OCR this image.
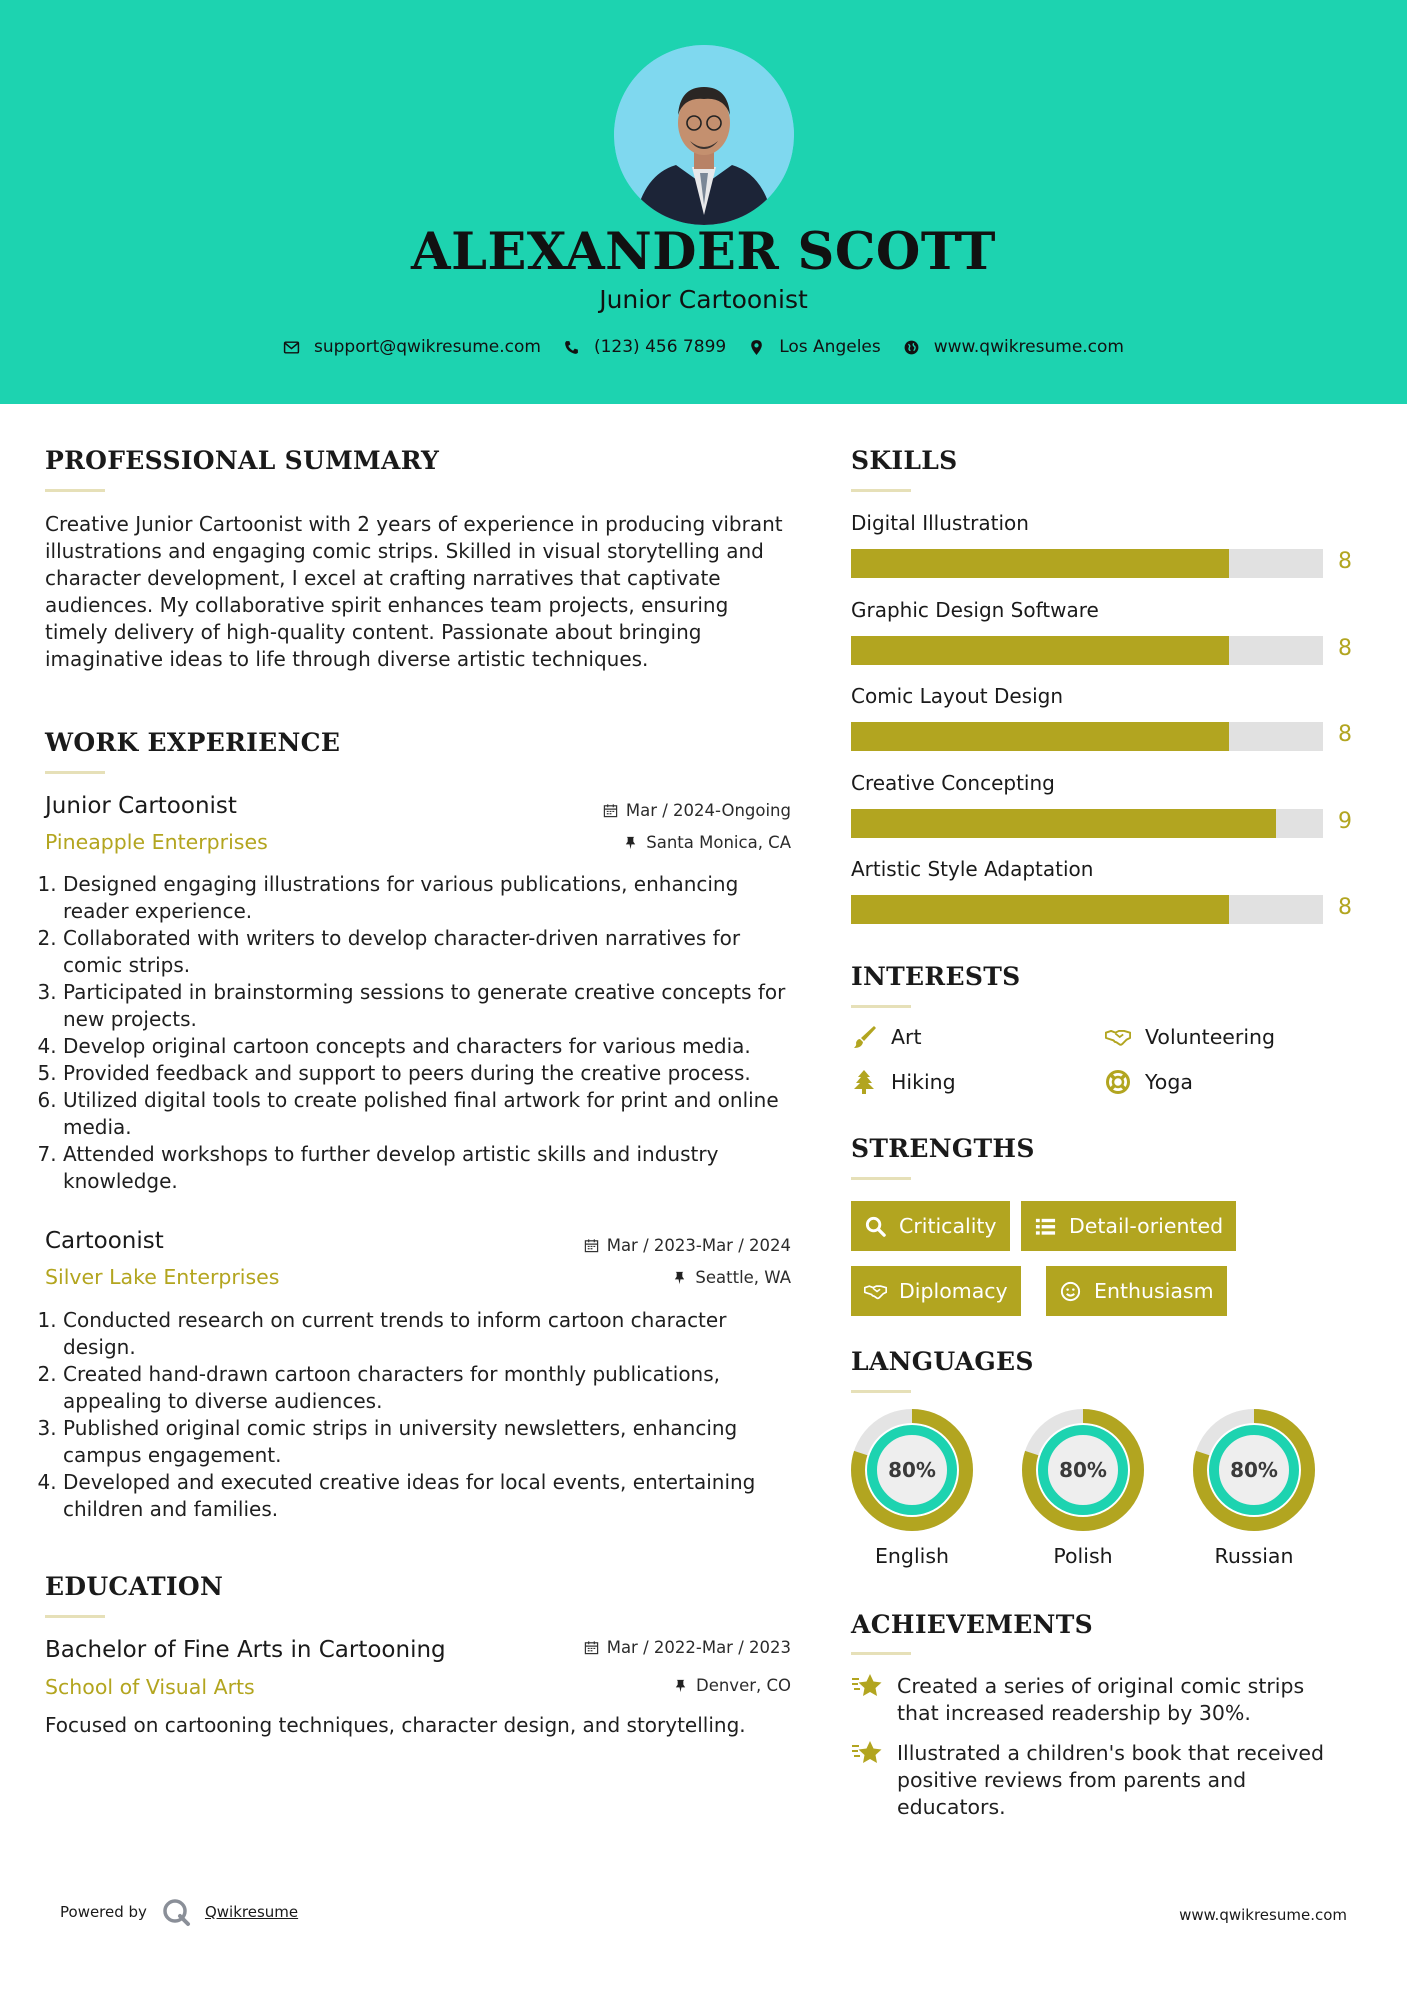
ALEXANDER SCOTT
Junior Cartoonist
support@qwikresume.com	(123) 456 7899	Los Angeles	www.qwikresume.com
PROFESSIONAL SUMMARY
Creative Junior Cartoonist with 2 years of experience in producing vibrant illustrations and engaging comic strips. Skilled in visual storytelling and character development, I excel at crafting narratives that captivate audiences. My collaborative spirit enhances team projects, ensuring timely delivery of high-quality content. Passionate about bringing imaginative ideas to life through diverse artistic techniques.
WORK EXPERIENCE
Junior Cartoonist
Pineapple Enterprises
Mar / 2024-Ongoing
Santa Monica, CA
1. Designed engaging illustrations for various publications, enhancing reader experience.
2. Collaborated with writers to develop character-driven narratives for comic strips.
3. Participated in brainstorming sessions to generate creative concepts for new projects.
4. Develop original cartoon concepts and characters for various media.
5. Provided feedback and support to peers during the creative process.
6. Utilized digital tools to create polished final artwork for print and online media.
7. Attended workshops to further develop artistic skills and industry knowledge.
Cartoonist
Silver Lake Enterprises
Mar / 2023-Mar / 2024
Seattle, WA
1. Conducted research on current trends to inform cartoon character design.
2. Created hand-drawn cartoon characters for monthly publications, appealing to diverse audiences.
3. Published original comic strips in university newsletters, enhancing campus engagement.
4. Developed and executed creative ideas for local events, entertaining children and families.
EDUCATION
Bachelor of Fine Arts in Cartooning
School of Visual Arts
Mar / 2022-Mar / 2023
Denver, CO
Focused on cartooning techniques, character design, and storytelling.
SKILLS
Digital Illustration
8
Graphic Design Software
8
Comic Layout Design
8
Creative Concepting
9
Artistic Style Adaptation
8
INTERESTS
Art	Volunteering
Hiking	Yoga
STRENGTHS
Criticality	Detail-oriented
Diplomacy	Enthusiasm
LANGUAGES
80%
English
80%
Polish
80%
Russian
ACHIEVEMENTS
Created a series of original comic strips that increased readership by 30%.
Illustrated a children's book that received positive reviews from parents and educators.
Powered by	Qwikresume	www.qwikresume.com
